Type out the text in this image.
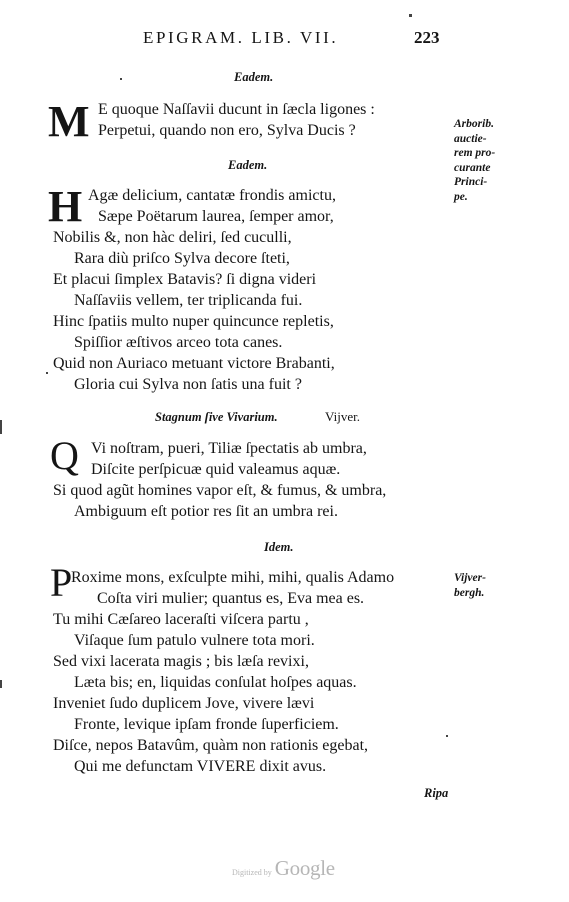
EPIGRAM. LIB. VII.	223
Eadem.
M E quoque Naſſavii ducunt in ſæcla ligones :
Perpetui, quando non ero, Sylva Ducis ?	Arborib.
auctie-
rem pro-
curante
Princi-
pe.
Eadem.
H Agæ delicium, cantatæ frondis amictu,
Sæpe Poëtarum laurea, ſemper amor,
Nobilis &, non hàc deliri, ſed cuculli,
Rara diù priſco Sylva decore ſteti,
Et placui ſimplex Batavis? ſi digna videri
Naſſaviis vellem, ter triplicanda fui.
Hinc ſpatiis multo nuper quincunce repletis,
Spiſſior æſtivos arceo tota canes.
Quid non Auriaco metuant victore Brabanti,
Gloria cui Sylva non ſatis una fuit ?
Stagnum ſive Vivarium.	Vijver.
Q Vi noſtram, pueri, Tiliæ ſpectatis ab umbra,
Diſcite perſpicuæ quid valeamus aquæ.
Si quod agũt homines vapor eſt, & fumus, & umbra,
Ambiguum eſt potior res ſit an umbra rei.
Idem.
P
Roxime mons, exſculpte mihi, mihi, qualis Adamo
Coſta viri mulier; quantus es, Eva mea es.
Tu mihi Cæſareo laceraſti viſcera partu ,
Viſaque ſum patulo vulnere tota mori.
Sed vixi lacerata magis ; bis læſa revixi,
Læta bis; en, liquidas conſulat hoſpes aquas.
Inveniet ſudo duplicem Jove, vivere lævi
Fronte, levique ipſam fronde ſuperficiem.
Diſce, nepos Batavûm, quàm non rationis egebat,
Qui me defunctam VIVERE dixit avus.
Vijver-
bergh.
Ripa
Digitized by Google
